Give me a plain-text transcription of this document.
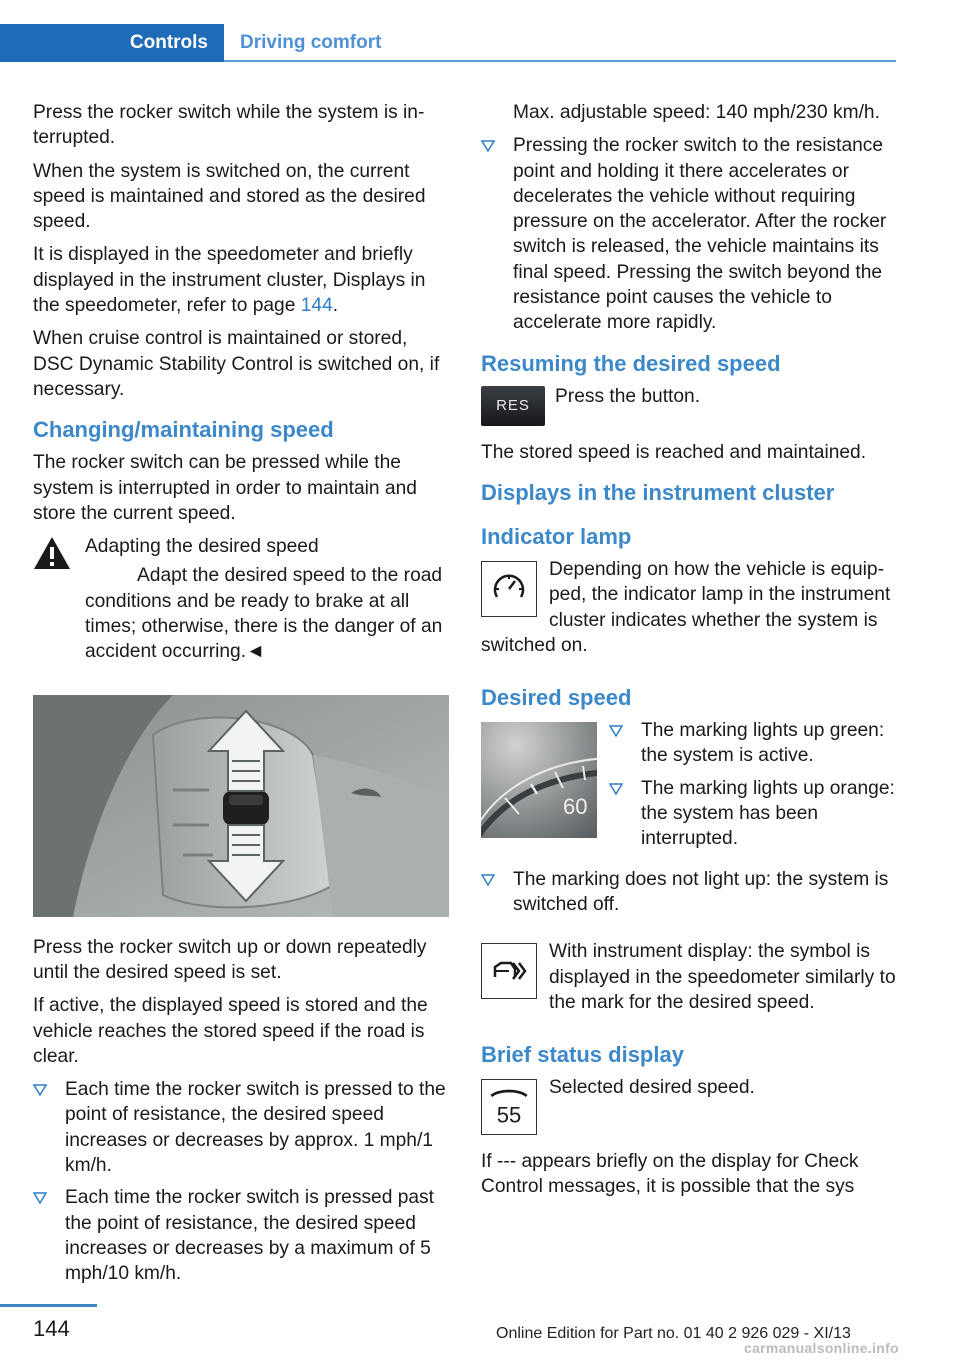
Controls	Driving comfort

Press the rocker switch while the system is interrupted.

When the system is switched on, the current speed is maintained and stored as the desired speed.

It is displayed in the speedometer and briefly displayed in the instrument cluster, Displays in the speedometer, refer to page 144.

When cruise control is maintained or stored, DSC Dynamic Stability Control is switched on, if necessary.

Changing/maintaining speed

The rocker switch can be pressed while the system is interrupted in order to maintain and store the current speed.

Adapting the desired speed

Adapt the desired speed to the road conditions and be ready to brake at all times; otherwise, there is the danger of an accident occurring.◄

Press the rocker switch up or down repeatedly until the desired speed is set.

If active, the displayed speed is stored and the vehicle reaches the stored speed if the road is clear.

Each time the rocker switch is pressed to the point of resistance, the desired speed increases or decreases by approx. 1 mph/1 km/h.
Each time the rocker switch is pressed past the point of resistance, the desired speed increases or decreases by a maximum of 5 mph/10 km/h.

Max. adjustable speed: 140 mph/230 km/h.

Pressing the rocker switch to the resistance point and holding it there accelerates or decelerates the vehicle without requiring pressure on the accelerator. After the rocker switch is released, the vehicle maintains its final speed. Pressing the switch beyond the resistance point causes the vehicle to accelerate more rapidly.
Resuming the desired speed
RES	Press the button.

The stored speed is reached and maintained.

Displays in the instrument cluster
Indicator lamp
Depending on how the vehicle is equipped, the indicator lamp in the instrument cluster indicates whether the system is switched on.
Desired speed
60
The marking lights up green: the system is active.
The marking lights up orange: the system has been interrupted.
The marking does not light up: the system is switched off.
With instrument display: the symbol is displayed in the speedometer similarly to the mark for the desired speed.
Brief status display
55
Selected desired speed.

If --- appears briefly on the display for Check Control messages, it is possible that the sys

144	Online Edition for Part no. 01 40 2 926 029 - XI/13
carmanualsonline.info
